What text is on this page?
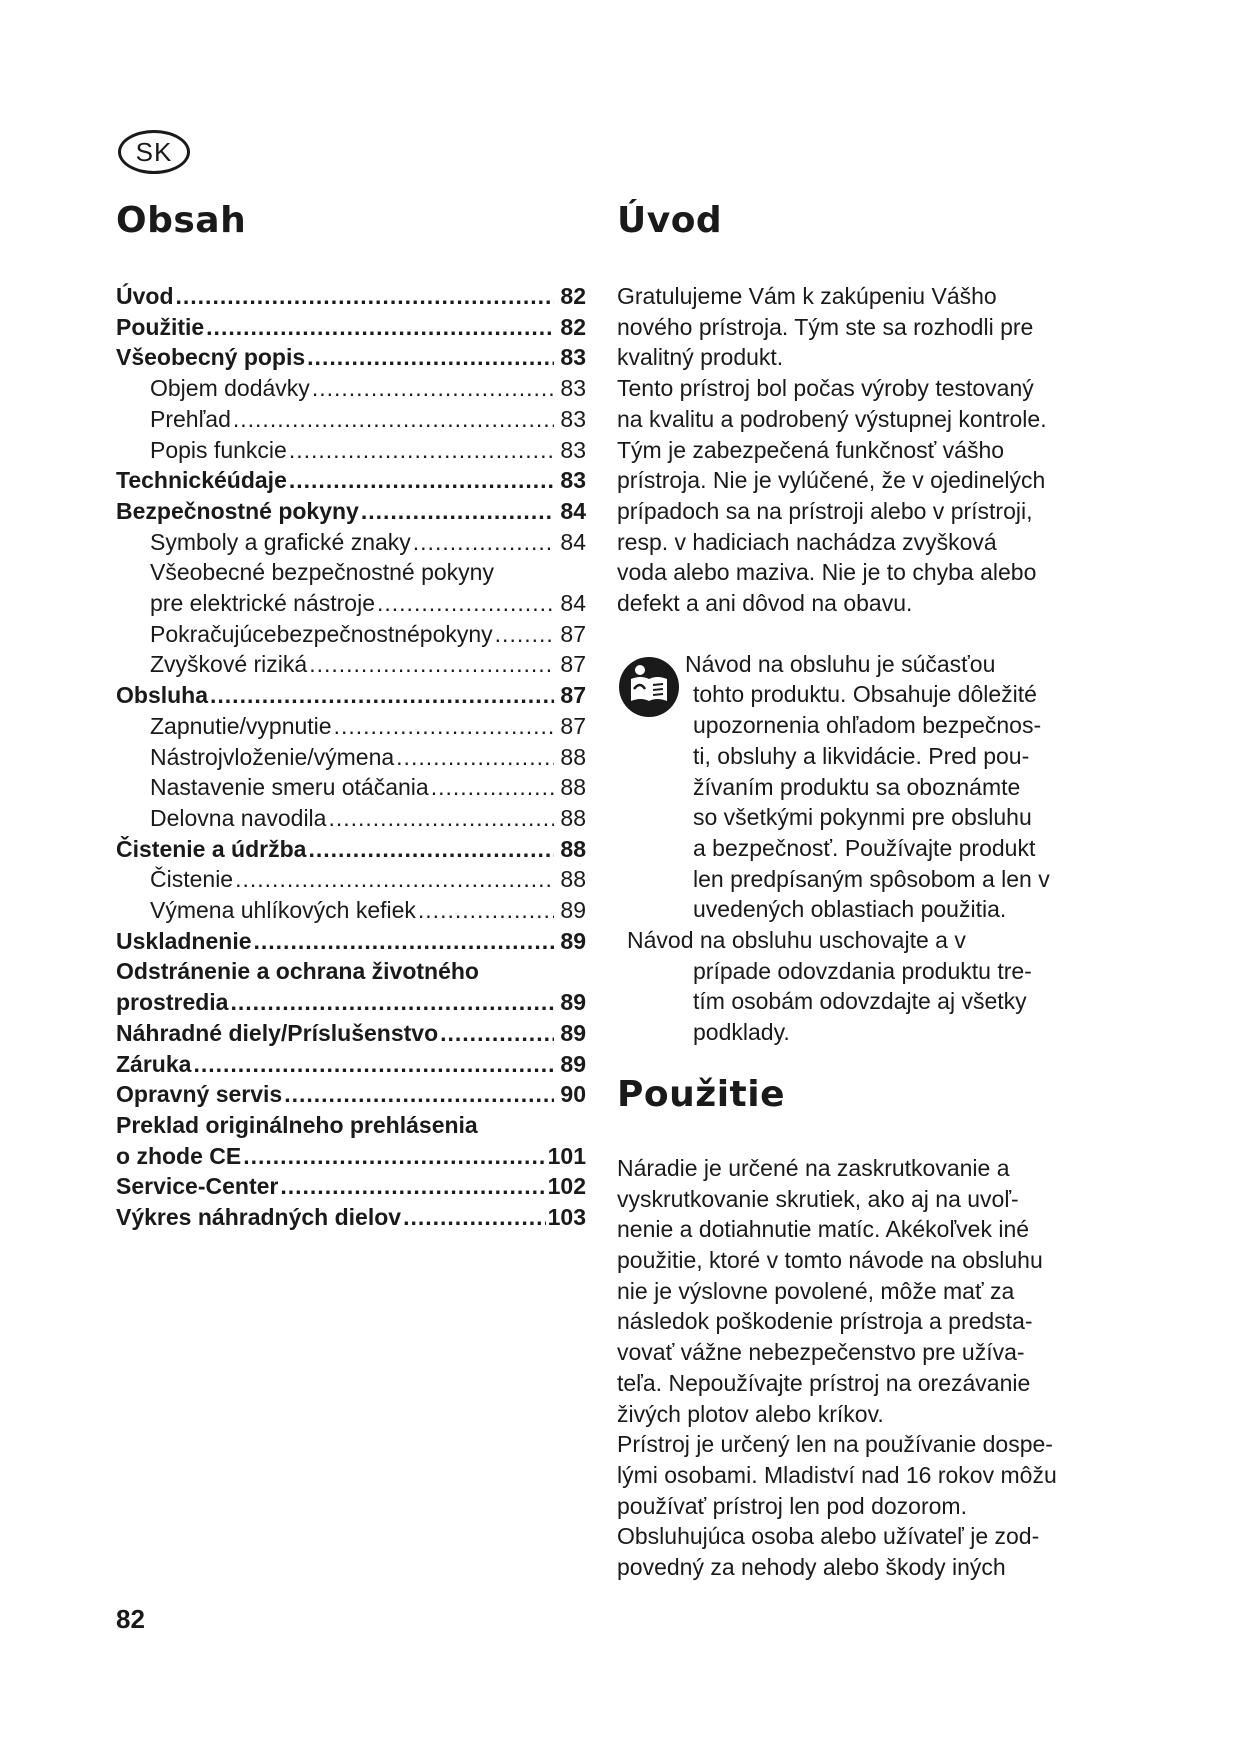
SK
Obsah
Úvod .....	82
Použitie .....	82
Všeobecný popis .....	83
Objem dodávky .....	83
Prehľad .....	83
Popis funkcie .....	83
Technickéúdaje .....	83
Bezpečnostné pokyny .....	84
Symboly a grafické znaky .....	84
Všeobecné bezpečnostné pokyny
pre elektrické nástroje .....	84
Pokračujúcebezpečnostnépokyny .....	87
Zvyškové riziká .....	87
Obsluha .....	87
Zapnutie/vypnutie .....	87
Nástrojvloženie/výmena .....	88
Nastavenie smeru otáčania .....	88
Delovna navodila .....	88
Čistenie a údržba .....	88
Čistenie .....	88
Výmena uhlíkových kefiek .....	89
Uskladnenie .....	89
Odstránenie a ochrana životného
prostredia .....	89
Náhradné diely/Príslušenstvo .....	89
Záruka .....	89
Opravný servis .....	90
Preklad originálneho prehlásenia
o zhode CE .....	101
Service-Center .....	102
Výkres náhradných dielov .....	103
Úvod

Gratulujeme Vám k zakúpeniu Vášho

nového prístroja. Tým ste sa rozhodli pre

kvalitný produkt.

Tento prístroj bol počas výroby testovaný

na kvalitu a podrobený výstupnej kontrole.

Tým je zabezpečená funkčnosť vášho

prístroja. Nie je vylúčené, že v ojedinelých

prípadoch sa na prístroji alebo v prístroji,

resp. v hadiciach nachádza zvyšková

voda alebo maziva. Nie je to chyba alebo

defekt a ani dôvod na obavu.

Návod na obsluhu je súčasťou

tohto produktu. Obsahuje dôležité

upozornenia ohľadom bezpečnos-

ti, obsluhy a likvidácie. Pred pou-

žívaním produktu sa oboznámte

so všetkými pokynmi pre obsluhu

a bezpečnosť. Používajte produkt

len predpísaným spôsobom a len v

uvedených oblastiach použitia.

Návod na obsluhu uschovajte a v

prípade odovzdania produktu tre-

tím osobám odovzdajte aj všetky

podklady.

Použitie

Náradie je určené na zaskrutkovanie a

vyskrutkovanie skrutiek, ako aj na uvoľ-

nenie a dotiahnutie matíc. Akékoľvek iné

použitie, ktoré v tomto návode na obsluhu

nie je výslovne povolené, môže mať za

následok poškodenie prístroja a predsta-

vovať vážne nebezpečenstvo pre užíva-

teľa. Nepoužívajte prístroj na orezávanie

živých plotov alebo kríkov.

Prístroj je určený len na používanie dospe-

lými osobami. Mladiství nad 16 rokov môžu

používať prístroj len pod dozorom.

Obsluhujúca osoba alebo užívateľ je zod-

povedný za nehody alebo škody iných

82
